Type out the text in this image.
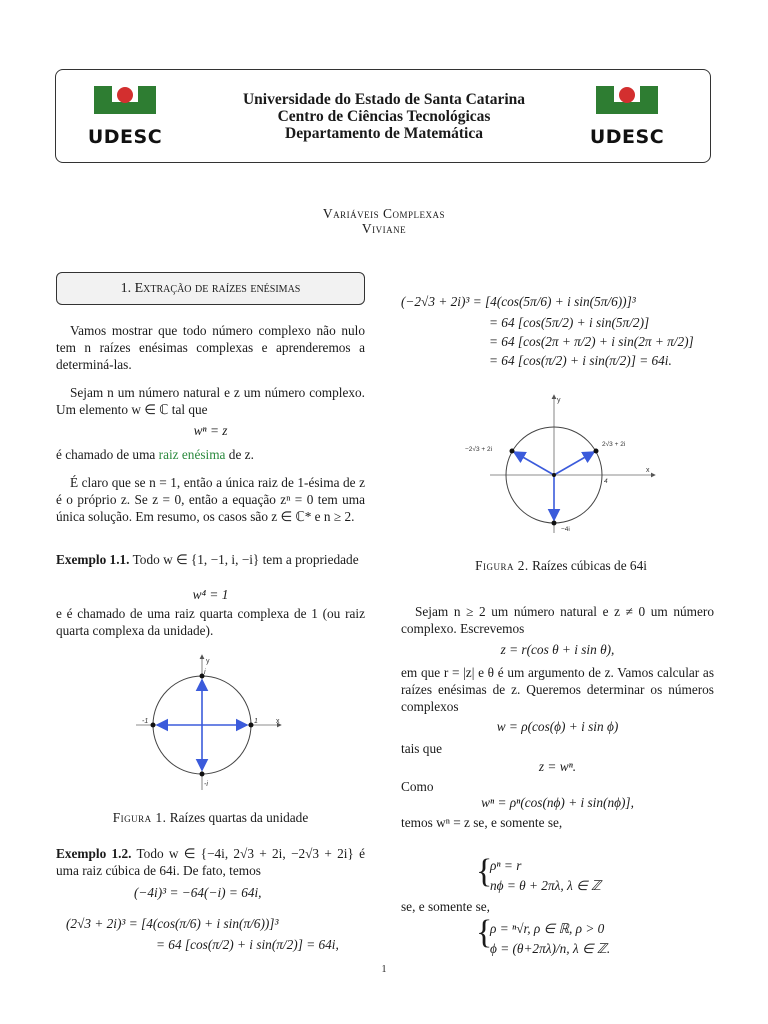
UDESC	UDESC
Universidade do Estado de Santa Catarina
Centro de Ciências Tecnológicas
Departamento de Matemática
Variáveis Complexas
Viviane
1. Extração de raízes enésimas
Vamos mostrar que todo número complexo não nulo tem n raízes enésimas complexas e aprenderemos a determiná-las.
Sejam n um número natural e z um número complexo. Um elemento w ∈ ℂ tal que
wⁿ = z
é chamado de uma raiz enésima de z.
É claro que se n = 1, então a única raiz de 1-ésima de z é o próprio z. Se z = 0, então a equação zⁿ = 0 tem uma única solução. Em resumo, os casos são z ∈ ℂ* e n ≥ 2.
Exemplo 1.1. Todo w ∈ {1, −1, i, −i} tem a propriedade
w⁴ = 1
e é chamado de uma raiz quarta complexa de 1 (ou raiz quarta complexa da unidade).
y
x
i
-i
-1	1
Figura 1. Raízes quartas da unidade
Exemplo 1.2. Todo w ∈ {−4i, 2√3 + 2i, −2√3 + 2i} é uma raiz cúbica de 64i. De fato, temos
(−4i)³ = −64(−i) = 64i,
(2√3 + 2i)³ = [4(cos(π/6) + i sin(π/6))]³
= 64 [cos(π/2) + i sin(π/2)] = 64i,
(−2√3 + 2i)³ = [4(cos(5π/6) + i sin(5π/6))]³
= 64 [cos(5π/2) + i sin(5π/2)]
= 64 [cos(2π + π/2) + i sin(2π + π/2)]
= 64 [cos(π/2) + i sin(π/2)] = 64i.
y
x
−2√3 + 2i
2√3 + 2i
−4i
4
Figura 2. Raízes cúbicas de 64i
Sejam n ≥ 2 um número natural e z ≠ 0 um número complexo. Escrevemos
z = r(cos θ + i sin θ),
em que r = |z| e θ é um argumento de z. Vamos calcular as raízes enésimas de z. Queremos determinar os números complexos
w = ρ(cos(ϕ) + i sin ϕ)
tais que
z = wⁿ.
Como
wⁿ = ρⁿ(cos(nϕ) + i sin(nϕ)],
temos wⁿ = z se, e somente se,
{
ρⁿ = r
nϕ = θ + 2πλ, λ ∈ ℤ
se, e somente se,
{
ρ = ⁿ√r, ρ ∈ ℝ, ρ > 0
ϕ = (θ+2πλ)/n, λ ∈ ℤ.
1
